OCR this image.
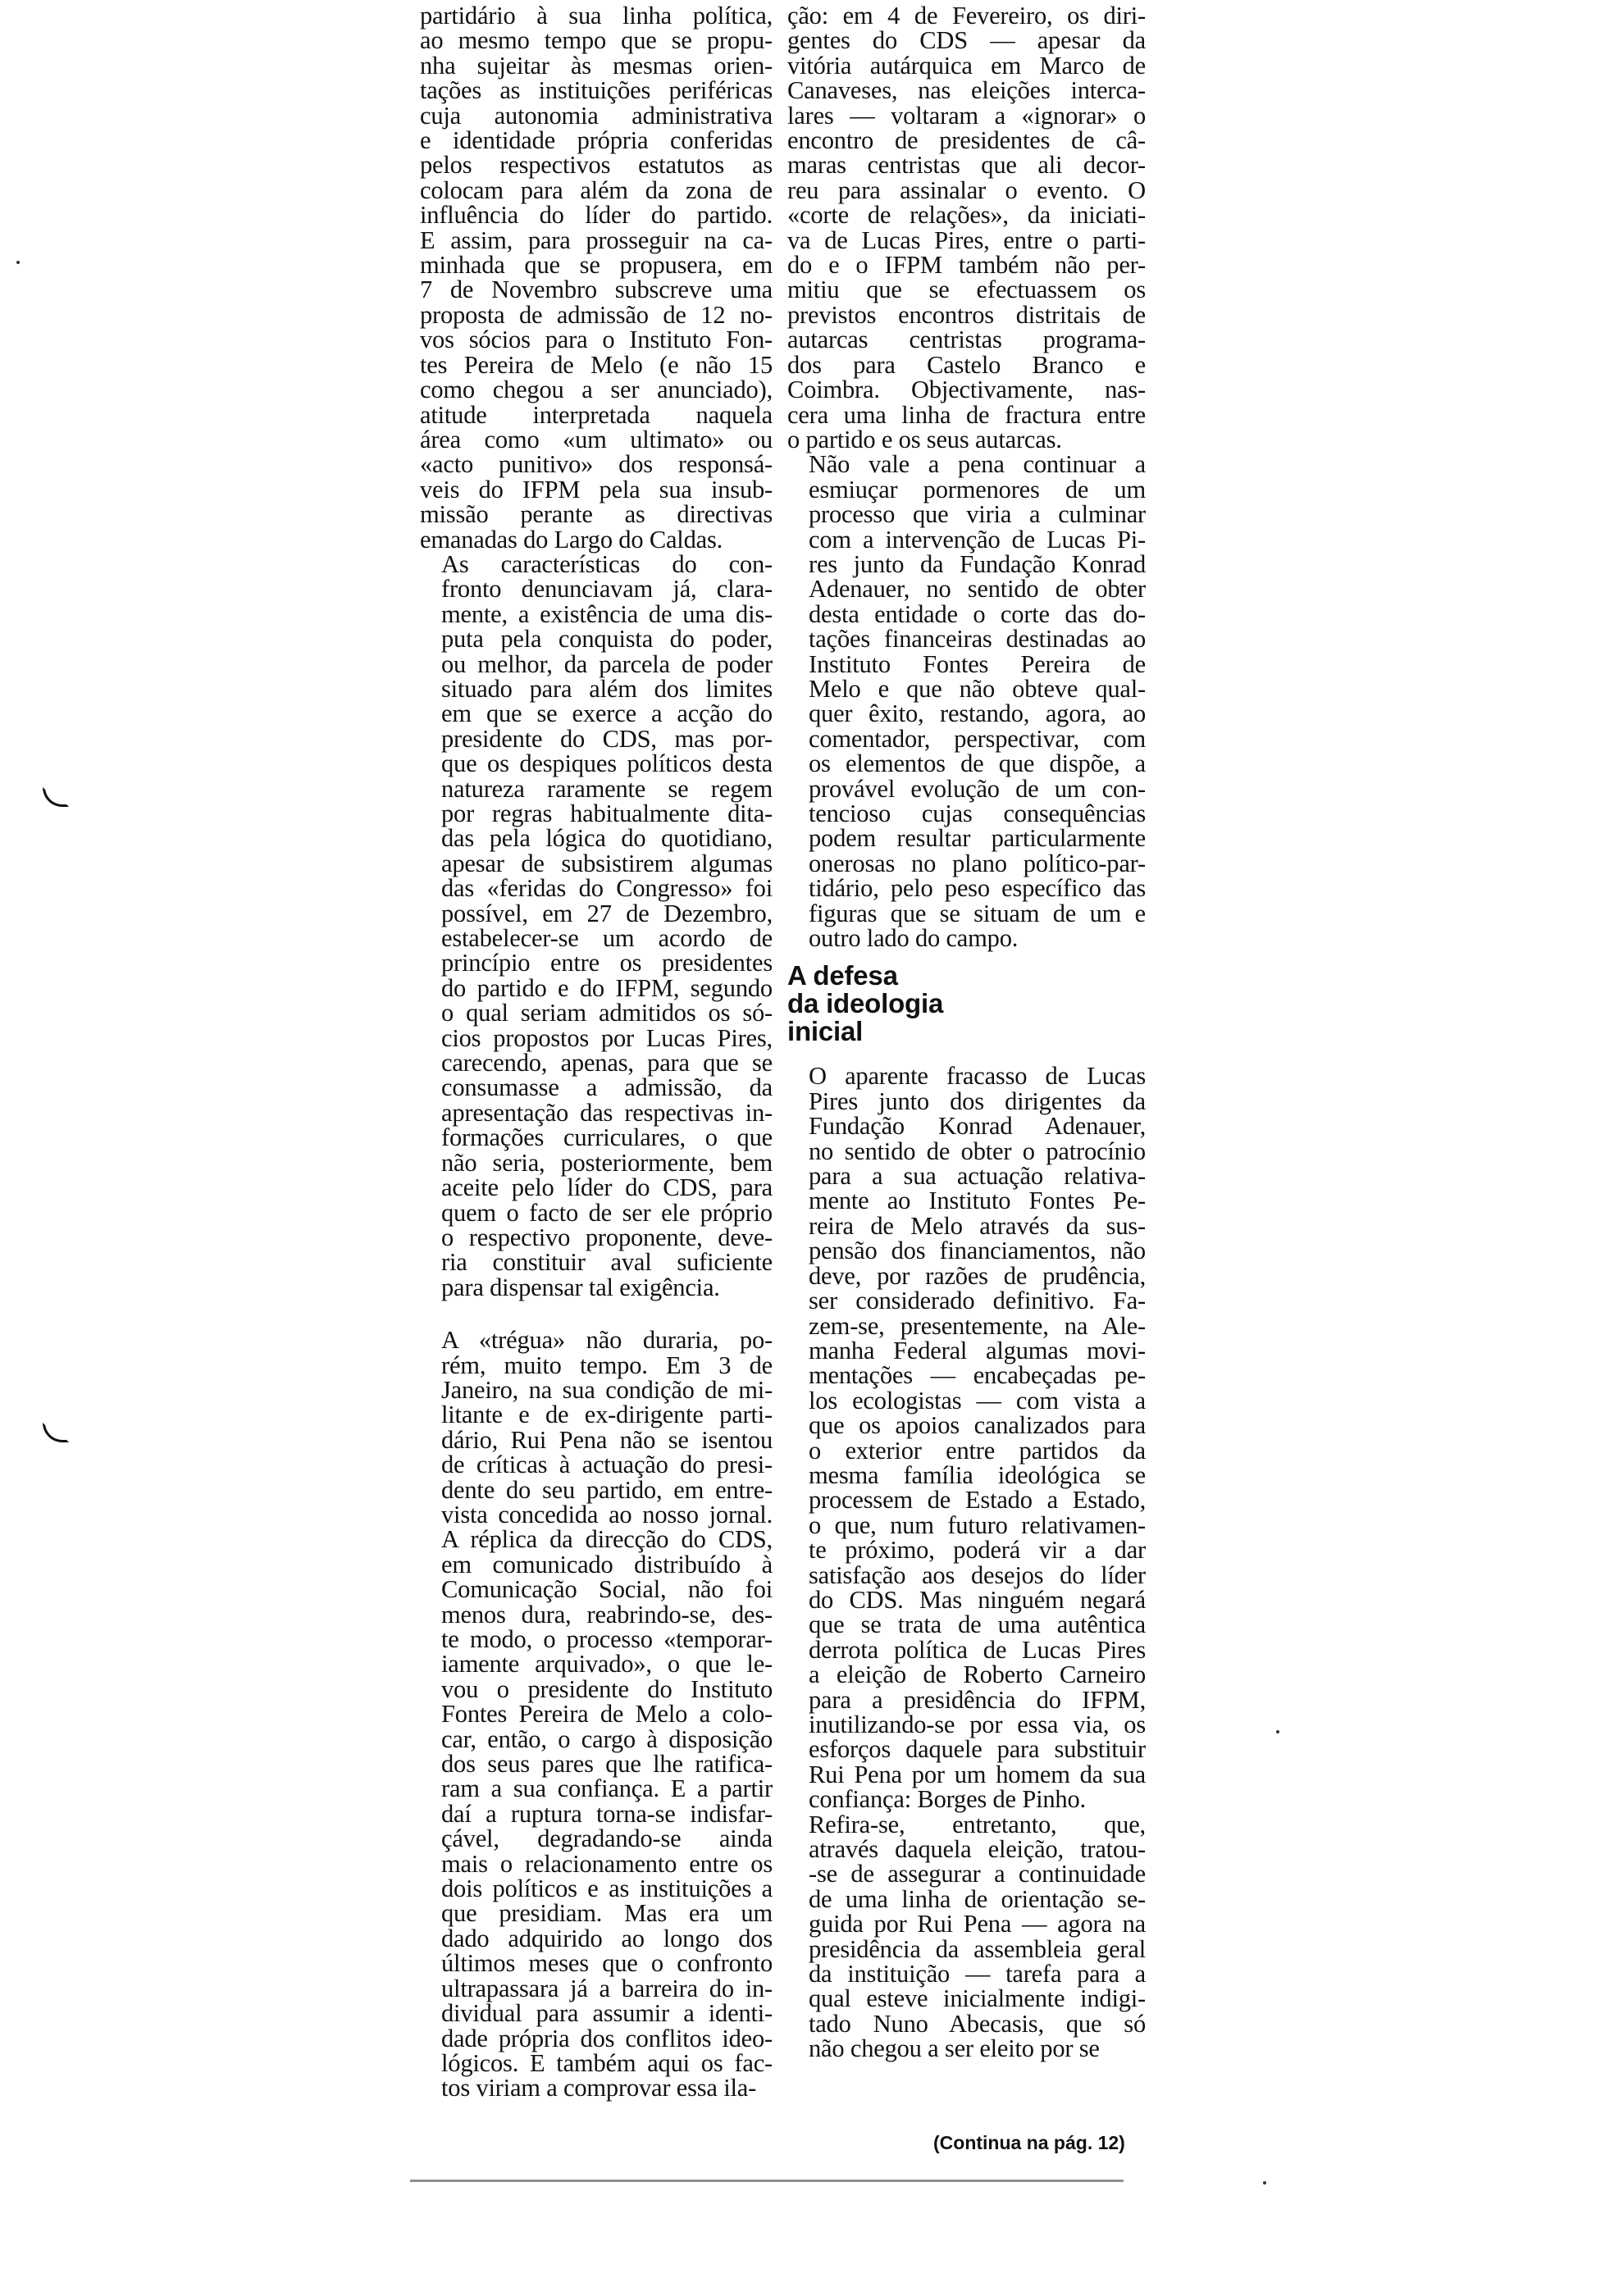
partidário à sua linha política,
ao mesmo tempo que se propu-
nha sujeitar às mesmas orien-
tações as instituições periféricas
cuja autonomia administrativa
e identidade própria conferidas
pelos respectivos estatutos as
colocam para além da zona de
influência do líder do partido.
E assim, para prosseguir na ca-
minhada que se propusera, em
7 de Novembro subscreve uma
proposta de admissão de 12 no-
vos sócios para o Instituto Fon-
tes Pereira de Melo (e não 15
como chegou a ser anunciado),
atitude interpretada naquela
área como «um ultimato» ou
«acto punitivo» dos responsá-
veis do IFPM pela sua insub-
missão perante as directivas
emanadas do Largo do Caldas.

As características do con-
fronto denunciavam já, clara-
mente, a existência de uma dis-
puta pela conquista do poder,
ou melhor, da parcela de poder
situado para além dos limites
em que se exerce a acção do
presidente do CDS, mas por-
que os despiques políticos desta
natureza raramente se regem
por regras habitualmente dita-
das pela lógica do quotidiano,
apesar de subsistirem algumas
das «feridas do Congresso» foi
possível, em 27 de Dezembro,
estabelecer-se um acordo de
princípio entre os presidentes
do partido e do IFPM, segundo
o qual seriam admitidos os só-
cios propostos por Lucas Pires,
carecendo, apenas, para que se
consumasse a admissão, da
apresentação das respectivas in-
formações curriculares, o que
não seria, posteriormente, bem
aceite pelo líder do CDS, para
quem o facto de ser ele próprio
o respectivo proponente, deve-
ria constituir aval suficiente
para dispensar tal exigência.

A «trégua» não duraria, po-
rém, muito tempo. Em 3 de
Janeiro, na sua condição de mi-
litante e de ex-dirigente parti-
dário, Rui Pena não se isentou
de críticas à actuação do presi-
dente do seu partido, em entre-
vista concedida ao nosso jornal.
A réplica da direcção do CDS,
em comunicado distribuído à
Comunicação Social, não foi
menos dura, reabrindo-se, des-
te modo, o processo «temporar-
iamente arquivado», o que le-
vou o presidente do Instituto
Fontes Pereira de Melo a colo-
car, então, o cargo à disposição
dos seus pares que lhe ratifica-
ram a sua confiança. E a partir
daí a ruptura torna-se indisfar-
çável, degradando-se ainda
mais o relacionamento entre os
dois políticos e as instituições a
que presidiam. Mas era um
dado adquirido ao longo dos
últimos meses que o confronto
ultrapassara já a barreira do in-
dividual para assumir a identi-
dade própria dos conflitos ideo-
lógicos. E também aqui os fac-
tos viriam a comprovar essa ila-

ção: em 4 de Fevereiro, os diri-
gentes do CDS — apesar da
vitória autárquica em Marco de
Canaveses, nas eleições interca-
lares — voltaram a «ignorar» o
encontro de presidentes de câ-
maras centristas que ali decor-
reu para assinalar o evento. O
«corte de relações», da iniciati-
va de Lucas Pires, entre o parti-
do e o IFPM também não per-
mitiu que se efectuassem os
previstos encontros distritais de
autarcas centristas programa-
dos para Castelo Branco e
Coimbra. Objectivamente, nas-
cera uma linha de fractura entre
o partido e os seus autarcas.

Não vale a pena continuar a
esmiuçar pormenores de um
processo que viria a culminar
com a intervenção de Lucas Pi-
res junto da Fundação Konrad
Adenauer, no sentido de obter
desta entidade o corte das do-
tações financeiras destinadas ao
Instituto Fontes Pereira de
Melo e que não obteve qual-
quer êxito, restando, agora, ao
comentador, perspectivar, com
os elementos de que dispõe, a
provável evolução de um con-
tencioso cujas consequências
podem resultar particularmente
onerosas no plano político-par-
tidário, pelo peso específico das
figuras que se situam de um e
outro lado do campo.

A defesa
da ideologia
inicial

O aparente fracasso de Lucas
Pires junto dos dirigentes da
Fundação Konrad Adenauer,
no sentido de obter o patrocínio
para a sua actuação relativa-
mente ao Instituto Fontes Pe-
reira de Melo através da sus-
pensão dos financiamentos, não
deve, por razões de prudência,
ser considerado definitivo. Fa-
zem-se, presentemente, na Ale-
manha Federal algumas movi-
mentações — encabeçadas pe-
los ecologistas — com vista a
que os apoios canalizados para
o exterior entre partidos da
mesma família ideológica se
processem de Estado a Estado,
o que, num futuro relativamen-
te próximo, poderá vir a dar
satisfação aos desejos do líder
do CDS. Mas ninguém negará
que se trata de uma autêntica
derrota política de Lucas Pires
a eleição de Roberto Carneiro
para a presidência do IFPM,
inutilizando-se por essa via, os
esforços daquele para substituir
Rui Pena por um homem da sua
confiança: Borges de Pinho.

Refira-se, entretanto, que,
através daquela eleição, tratou-
-se de assegurar a continuidade
de uma linha de orientação se-
guida por Rui Pena — agora na
presidência da assembleia geral
da instituição — tarefa para a
qual esteve inicialmente indigi-
tado Nuno Abecasis, que só
não chegou a ser eleito por se

(Continua na pág. 12)
